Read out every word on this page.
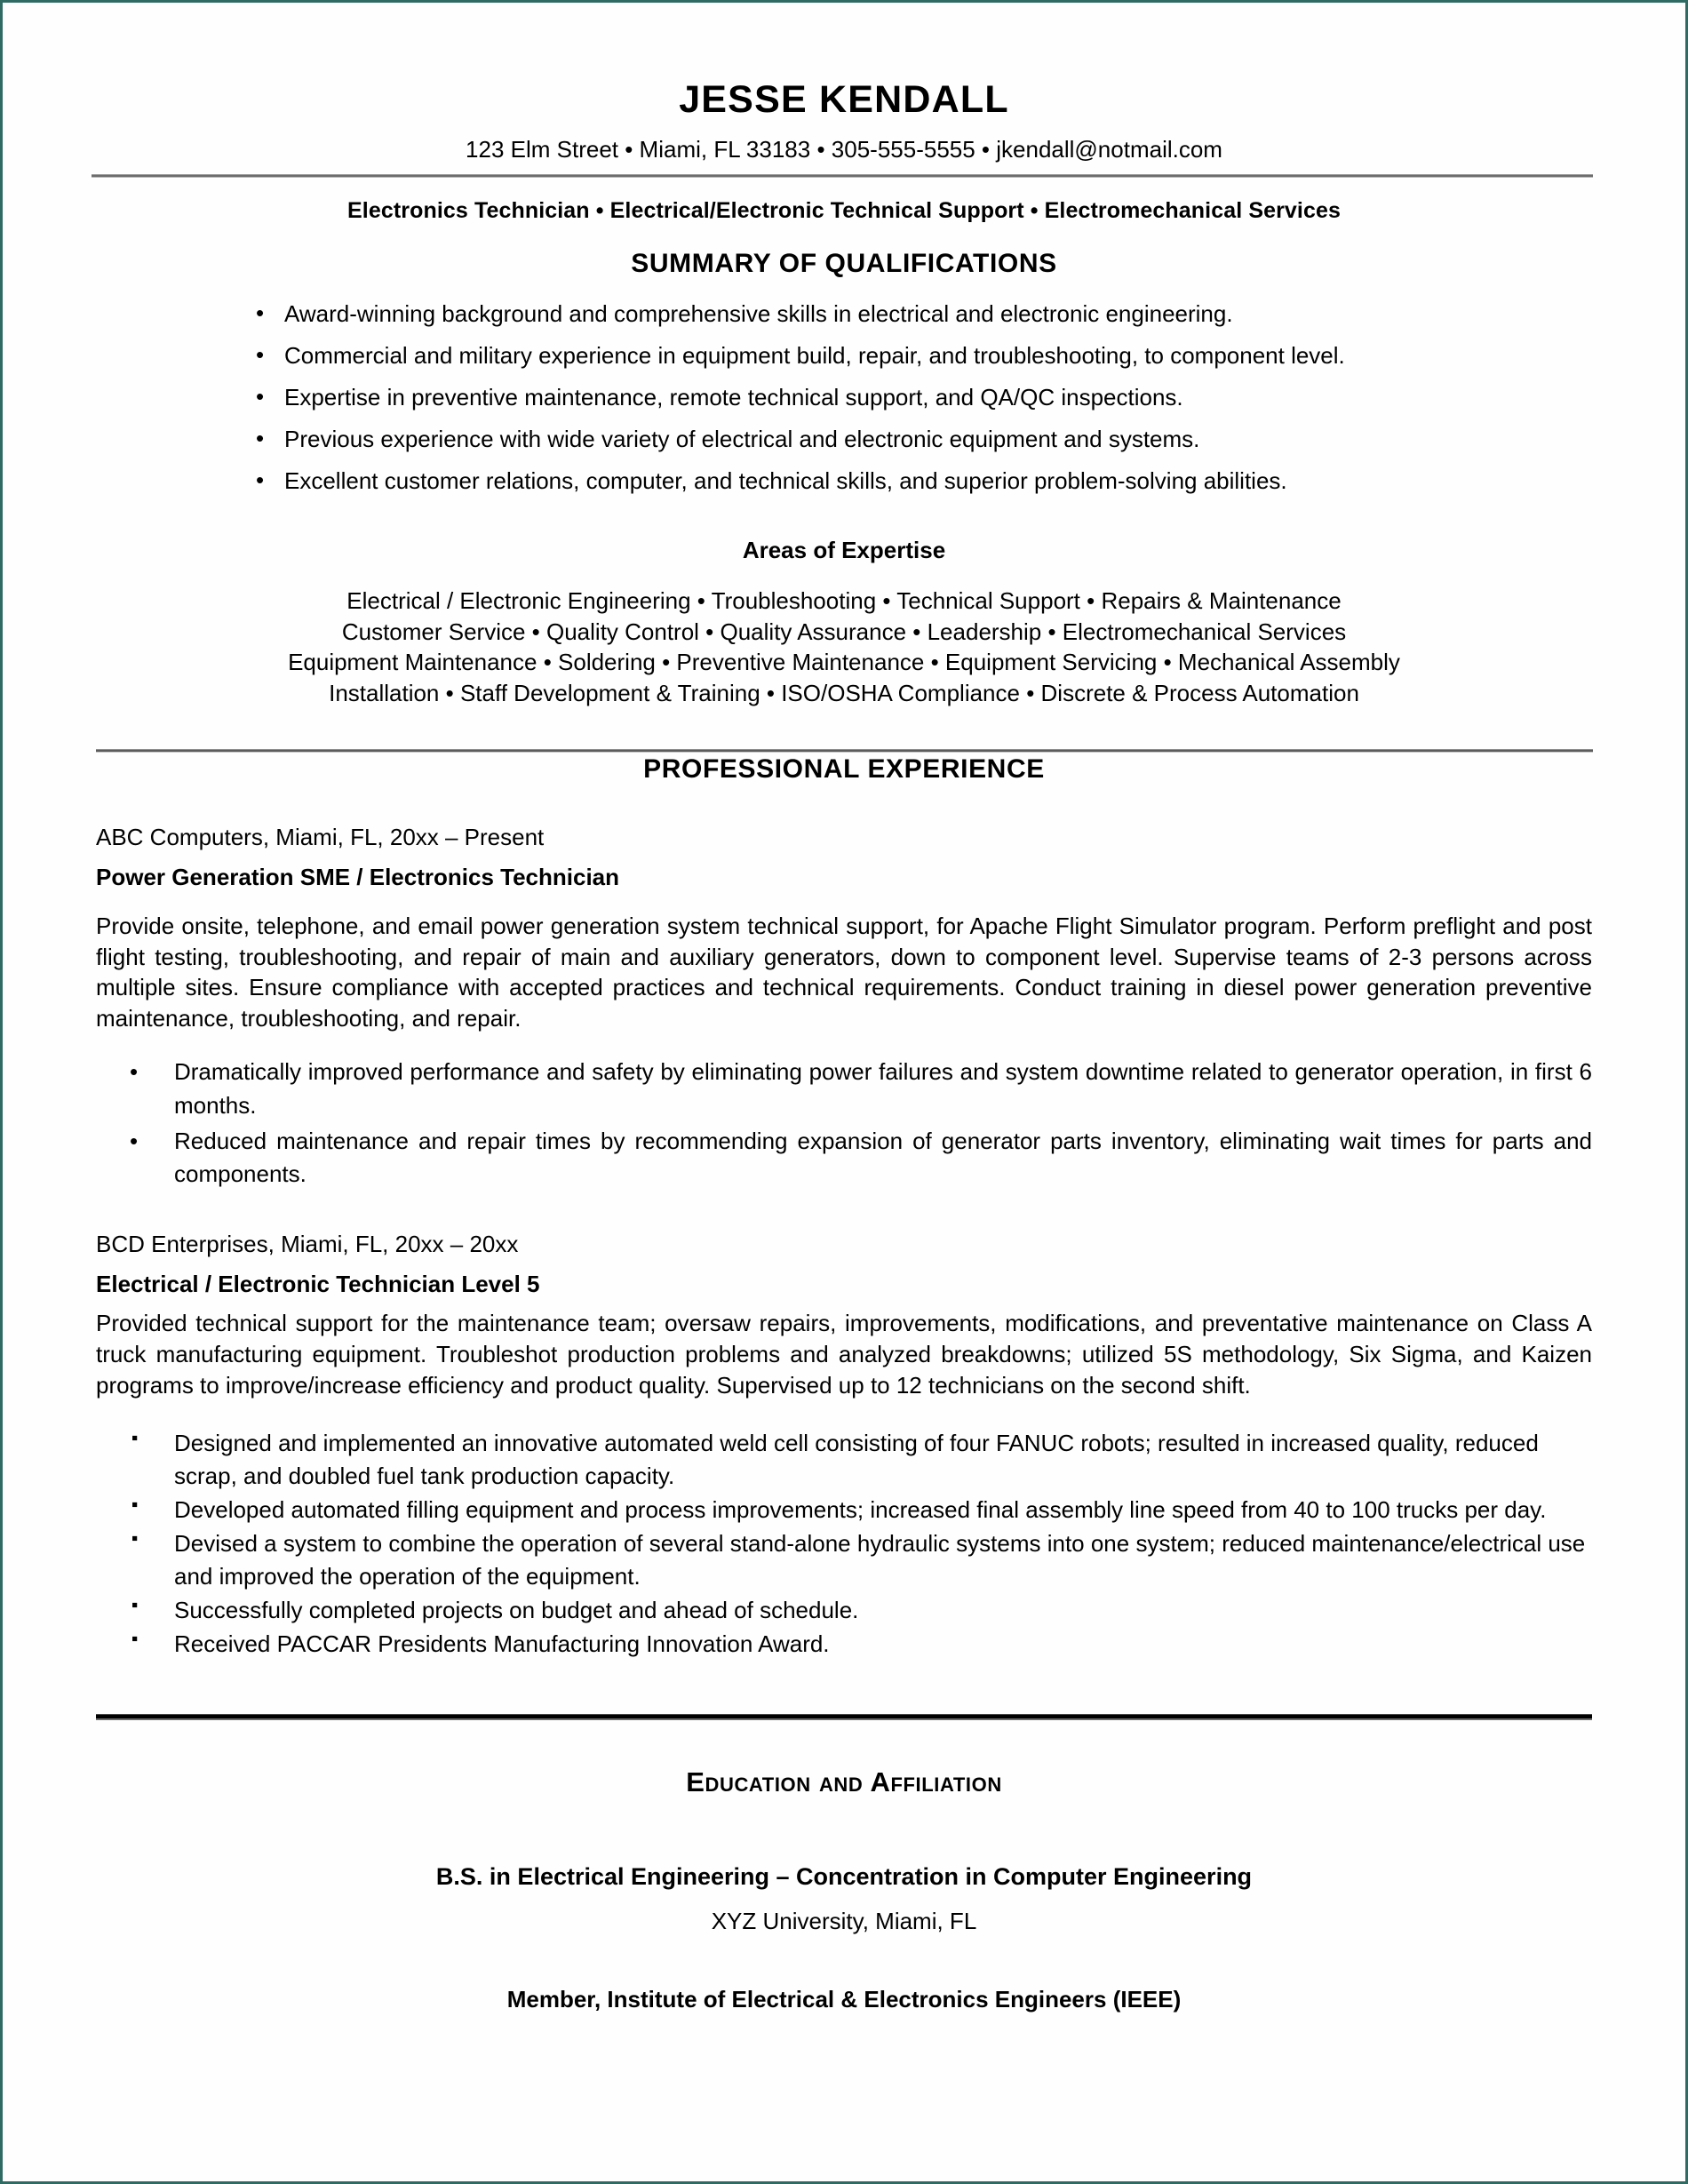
JESSE KENDALL
123 Elm Street • Miami, FL 33183 • 305-555-5555 • jkendall@notmail.com
Electronics Technician • Electrical/Electronic Technical Support • Electromechanical Services
SUMMARY OF QUALIFICATIONS
• Award-winning background and comprehensive skills in electrical and electronic engineering.
• Commercial and military experience in equipment build, repair, and troubleshooting, to component level.
• Expertise in preventive maintenance, remote technical support, and QA/QC inspections.
• Previous experience with wide variety of electrical and electronic equipment and systems.
• Excellent customer relations, computer, and technical skills, and superior problem-solving abilities.
Areas of Expertise
Electrical / Electronic Engineering • Troubleshooting • Technical Support • Repairs & Maintenance
Customer Service • Quality Control • Quality Assurance • Leadership • Electromechanical Services
Equipment Maintenance • Soldering • Preventive Maintenance • Equipment Servicing • Mechanical Assembly
Installation • Staff Development & Training • ISO/OSHA Compliance • Discrete & Process Automation
PROFESSIONAL EXPERIENCE
ABC Computers, Miami, FL, 20xx – Present
Power Generation SME / Electronics Technician
Provide onsite, telephone, and email power generation system technical support, for Apache Flight Simulator program. Perform preflight and post flight testing, troubleshooting, and repair of main and auxiliary generators, down to component level. Supervise teams of 2-3 persons across multiple sites. Ensure compliance with accepted practices and technical requirements. Conduct training in diesel power generation preventive maintenance, troubleshooting, and repair.
• Dramatically improved performance and safety by eliminating power failures and system downtime related to generator operation, in first 6 months.
• Reduced maintenance and repair times by recommending expansion of generator parts inventory, eliminating wait times for parts and components.
BCD Enterprises, Miami, FL, 20xx – 20xx
Electrical / Electronic Technician Level 5
Provided technical support for the maintenance team; oversaw repairs, improvements, modifications, and preventative maintenance on Class A truck manufacturing equipment. Troubleshot production problems and analyzed breakdowns; utilized 5S methodology, Six Sigma, and Kaizen programs to improve/increase efficiency and product quality. Supervised up to 12 technicians on the second shift.
▪ Designed and implemented an innovative automated weld cell consisting of four FANUC robots; resulted in increased quality, reduced scrap, and doubled fuel tank production capacity.
▪ Developed automated filling equipment and process improvements; increased final assembly line speed from 40 to 100 trucks per day.
▪ Devised a system to combine the operation of several stand-alone hydraulic systems into one system; reduced maintenance/electrical use and improved the operation of the equipment.
▪ Successfully completed projects on budget and ahead of schedule.
▪ Received PACCAR Presidents Manufacturing Innovation Award.
Education and Affiliation
B.S. in Electrical Engineering – Concentration in Computer Engineering
XYZ University, Miami, FL
Member, Institute of Electrical & Electronics Engineers (IEEE)
